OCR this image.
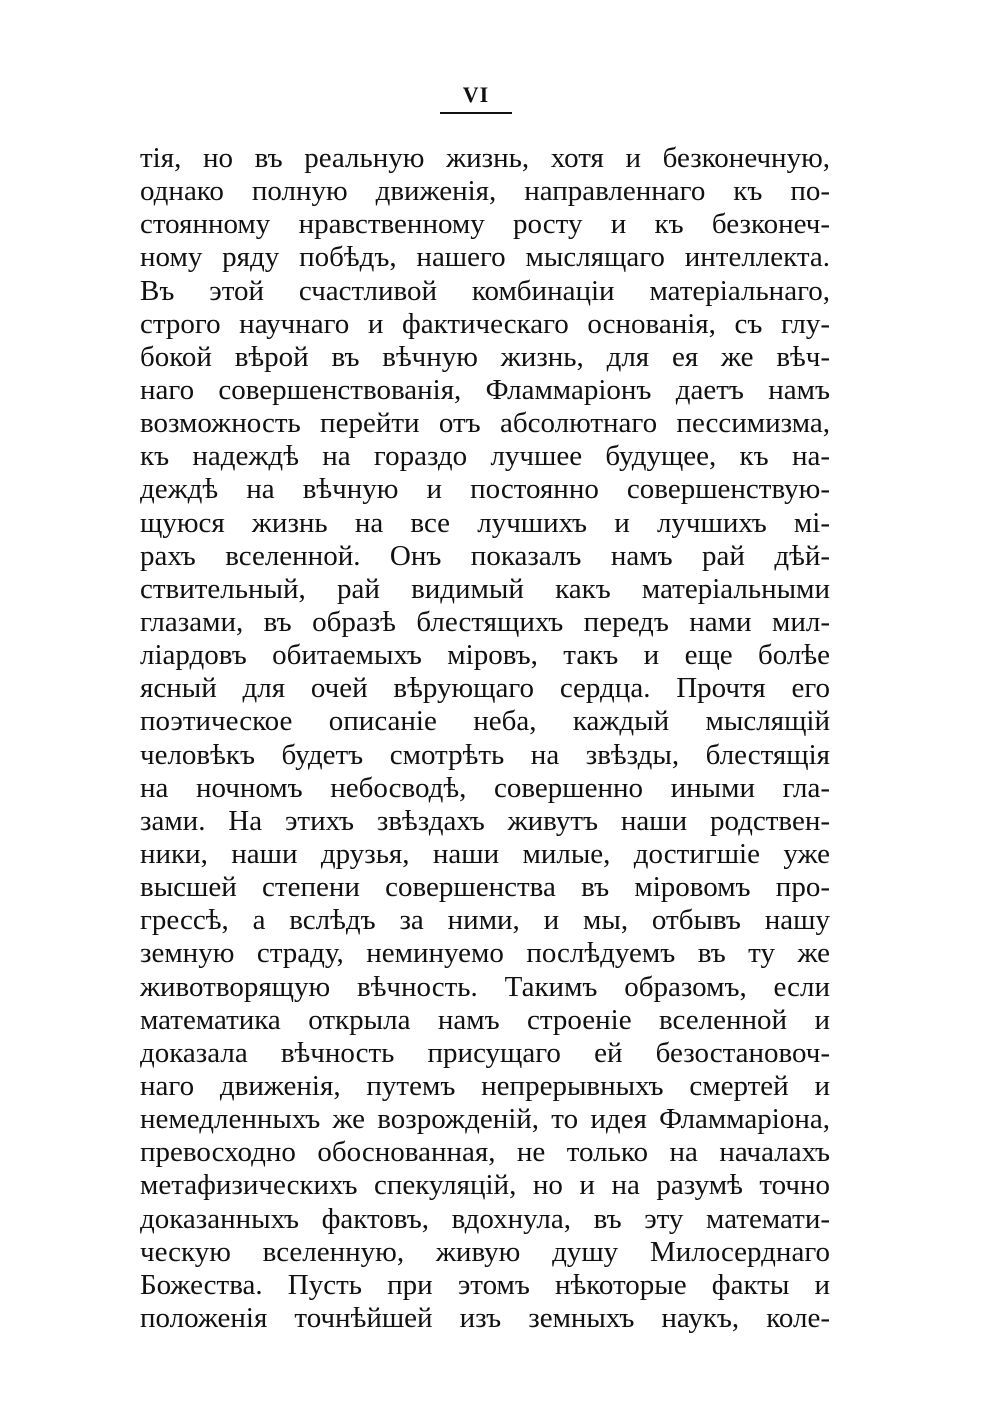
VI
тія, но въ реальную жизнь, хотя и безконечную,
однако полную движенія, направленнаго къ по-
стоянному нравственному росту и къ безконеч-
ному ряду побѣдъ, нашего мыслящаго интеллекта.
Въ этой счастливой комбинаціи матеріальнаго,
строго научнаго и фактическаго основанія, съ глу-
бокой вѣрой въ вѣчную жизнь, для ея же вѣч-
наго совершенствованія, Фламмаріонъ даетъ намъ
возможность перейти отъ абсолютнаго пессимизма,
къ надеждѣ на гораздо лучшее будущее, къ на-
деждѣ на вѣчную и постоянно совершенствую-
щуюся жизнь на все лучшихъ и лучшихъ мі-
рахъ вселенной. Онъ показалъ намъ рай дѣй-
ствительный, рай видимый какъ матеріальными
глазами, въ образѣ блестящихъ передъ нами мил-
ліардовъ обитаемыхъ міровъ, такъ и еще болѣе
ясный для очей вѣрующаго сердца. Прочтя его
поэтическое описаніе неба, каждый мыслящій
человѣкъ будетъ смотрѣть на звѣзды, блестящія
на ночномъ небосводѣ, совершенно иными гла-
зами. На этихъ звѣздахъ живутъ наши родствен-
ники, наши друзья, наши милые, достигшіе уже
высшей степени совершенства въ міровомъ про-
грессѣ, а вслѣдъ за ними, и мы, отбывъ нашу
земную страду, неминуемо послѣдуемъ въ ту же
животворящую вѣчность. Такимъ образомъ, если
математика открыла намъ строеніе вселенной и
доказала вѣчность присущаго ей безостановоч-
наго движенія, путемъ непрерывныхъ смертей и
немедленныхъ же возрожденій, то идея Фламмаріона,
превосходно обоснованная, не только на началахъ
метафизическихъ спекуляцій, но и на разумѣ точно
доказанныхъ фактовъ, вдохнула, въ эту математи-
ческую вселенную, живую душу Милосерднаго
Божества. Пусть при этомъ нѣкоторые факты и
положенія точнѣйшей изъ земныхъ наукъ, коле-
